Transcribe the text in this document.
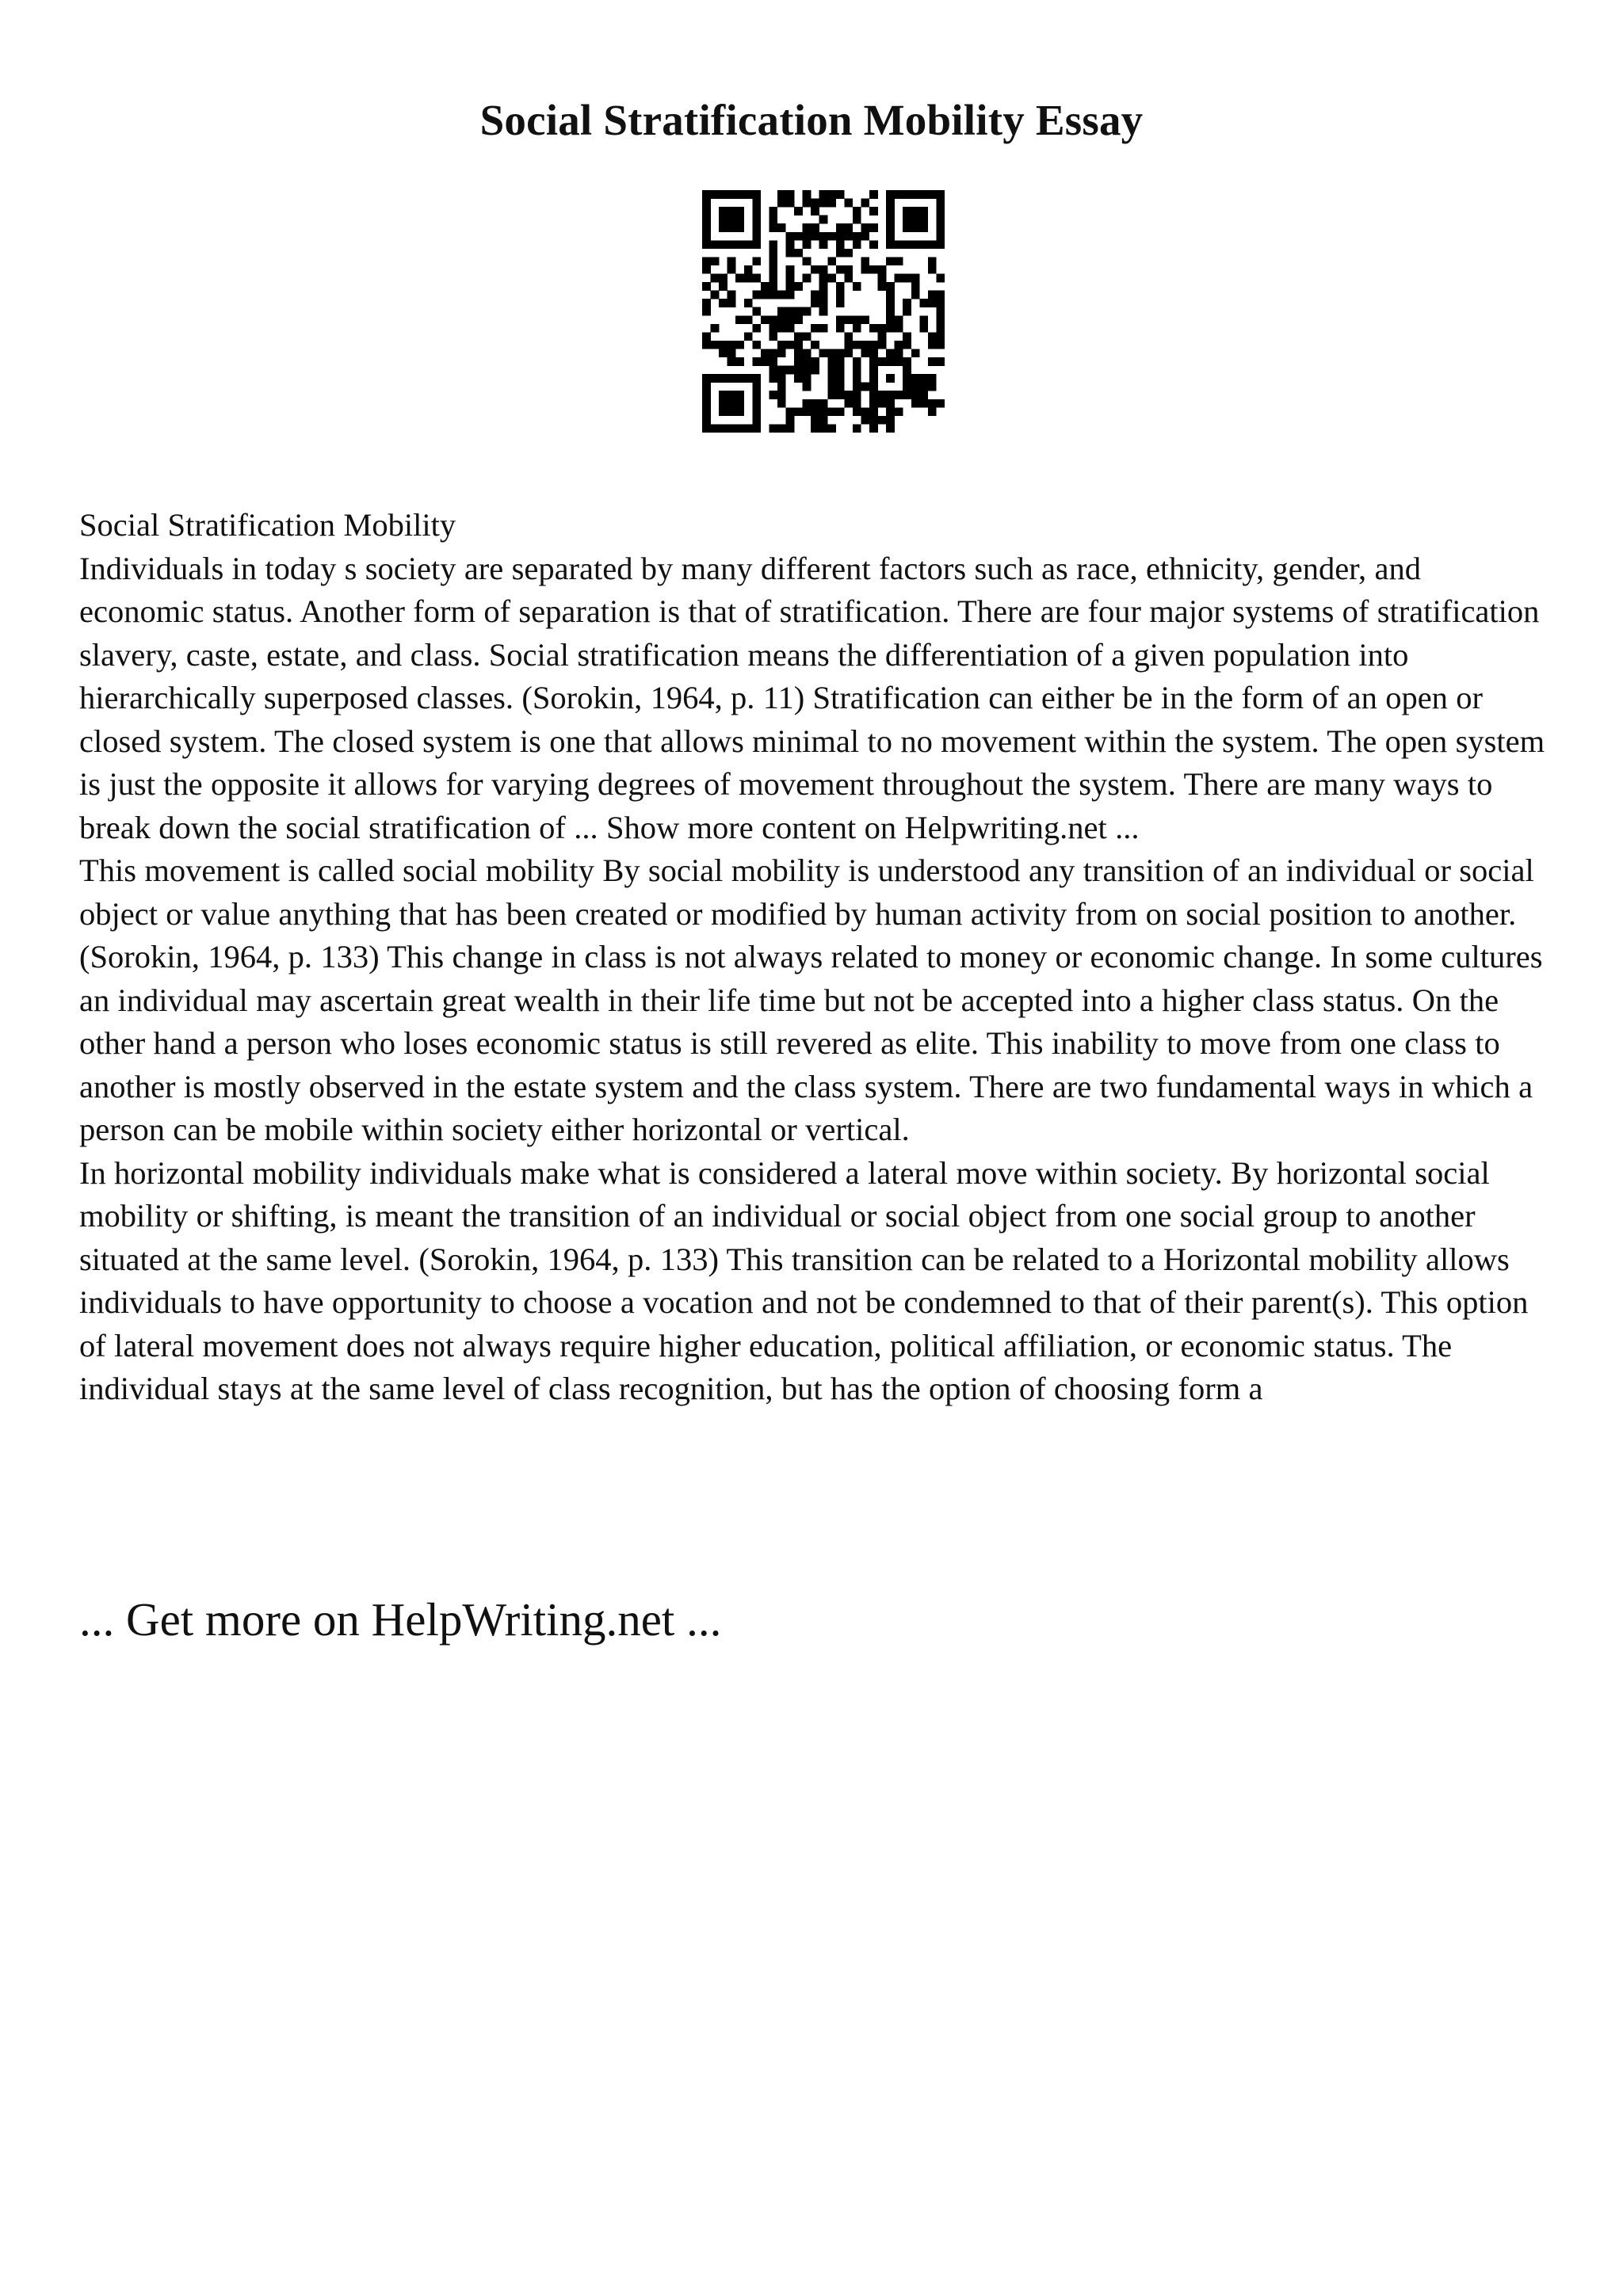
Social Stratification Mobility Essay

Social Stratification Mobility

Individuals in today s society are separated by many different factors such as race, ethnicity, gender, and economic status. Another form of separation is that of stratification. There are four major systems of stratification slavery, caste, estate, and class. Social stratification means the differentiation of a given population into hierarchically superposed classes. (Sorokin, 1964, p. 11) Stratification can either be in the form of an open or closed system. The closed system is one that allows minimal to no movement within the system. The open system is just the opposite it allows for varying degrees of movement throughout the system. There are many ways to break down the social stratification of ... Show more content on Helpwriting.net ...

This movement is called social mobility By social mobility is understood any transition of an individual or social object or value anything that has been created or modified by human activity from on social position to another. (Sorokin, 1964, p. 133) This change in class is not always related to money or economic change. In some cultures an individual may ascertain great wealth in their life time but not be accepted into a higher class status. On the other hand a person who loses economic status is still revered as elite. This inability to move from one class to another is mostly observed in the estate system and the class system. There are two fundamental ways in which a person can be mobile within society either horizontal or vertical.

In horizontal mobility individuals make what is considered a lateral move within society. By horizontal social mobility or shifting, is meant the transition of an individual or social object from one social group to another situated at the same level. (Sorokin, 1964, p. 133) This transition can be related to a Horizontal mobility allows individuals to have opportunity to choose a vocation and not be condemned to that of their parent(s). This option of lateral movement does not always require higher education, political affiliation, or economic status. The individual stays at the same level of class recognition, but has the option of choosing form a

... Get more on HelpWriting.net ...
